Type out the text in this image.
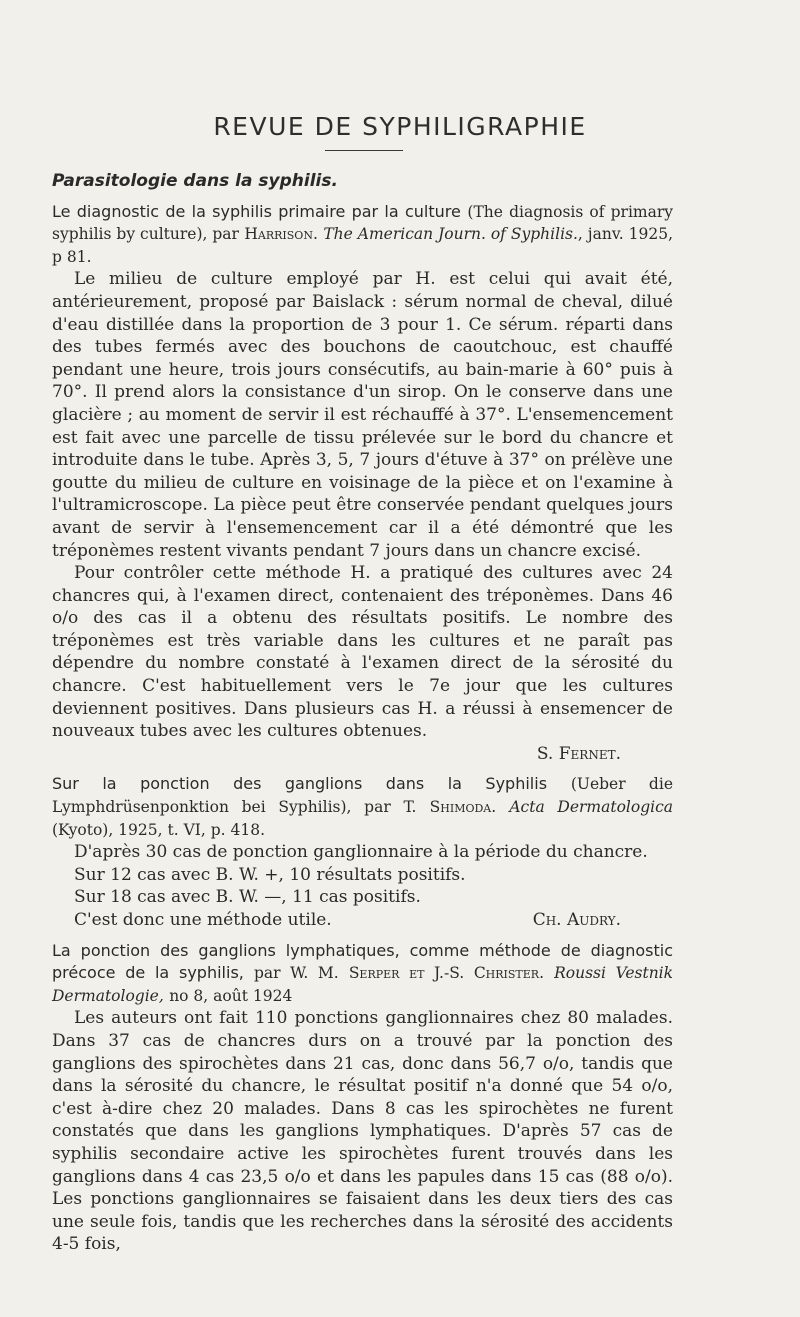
REVUE DE SYPHILIGRAPHIE
Parasitologie dans la syphilis.
Le diagnostic de la syphilis primaire par la culture (The diagnosis of primary syphilis by culture), par Harrison. The American Journ. of Syphilis., janv. 1925, p 81.

Le milieu de culture employé par H. est celui qui avait été, antérieurement, proposé par Baislack : sérum normal de cheval, dilué d'eau distillée dans la proportion de 3 pour 1. Ce sérum. réparti dans des tubes fermés avec des bouchons de caoutchouc, est chauffé pendant une heure, trois jours consécutifs, au bain-marie à 60° puis à 70°. Il prend alors la consistance d'un sirop. On le conserve dans une glacière ; au moment de servir il est réchauffé à 37°. L'ensemencement est fait avec une parcelle de tissu prélevée sur le bord du chancre et introduite dans le tube. Après 3, 5, 7 jours d'étuve à 37° on prélève une goutte du milieu de culture en voisinage de la pièce et on l'examine à l'ultramicroscope. La pièce peut être conservée pendant quelques jours avant de servir à l'ensemencement car il a été démontré que les tréponèmes restent vivants pendant 7 jours dans un chancre excisé.

Pour contrôler cette méthode H. a pratiqué des cultures avec 24 chancres qui, à l'examen direct, contenaient des tréponèmes. Dans 46 o/o des cas il a obtenu des résultats positifs. Le nombre des tréponèmes est très variable dans les cultures et ne paraît pas dépendre du nombre constaté à l'examen direct de la sérosité du chancre. C'est habituellement vers le 7e jour que les cultures deviennent positives. Dans plusieurs cas H. a réussi à ensemencer de nouveaux tubes avec les cultures obtenues.

S. Fernet.

Sur la ponction des ganglions dans la Syphilis (Ueber die Lymphdrüsenponktion bei Syphilis), par T. Shimoda. Acta Dermatologica (Kyoto), 1925, t. VI, p. 418.

D'après 30 cas de ponction ganglionnaire à la période du chancre.

Sur 12 cas avec B. W. +, 10 résultats positifs.

Sur 18 cas avec B. W. —, 11 cas positifs.

C'est donc une méthode utile.	Ch. Audry.

La ponction des ganglions lymphatiques, comme méthode de diagnostic précoce de la syphilis, par W. M. Serper et J.-S. Christer. Roussi Vestnik Dermatologie, no 8, août 1924

Les auteurs ont fait 110 ponctions ganglionnaires chez 80 malades. Dans 37 cas de chancres durs on a trouvé par la ponction des ganglions des spirochètes dans 21 cas, donc dans 56,7 o/o, tandis que dans la sérosité du chancre, le résultat positif n'a donné que 54 o/o, c'est à-dire chez 20 malades. Dans 8 cas les spirochètes ne furent constatés que dans les ganglions lymphatiques. D'après 57 cas de syphilis secondaire active les spirochètes furent trouvés dans les ganglions dans 4 cas 23,5 o/o et dans les papules dans 15 cas (88 o/o). Les ponctions ganglionnaires se faisaient dans les deux tiers des cas une seule fois, tandis que les recherches dans la sérosité des accidents 4-5 fois,
